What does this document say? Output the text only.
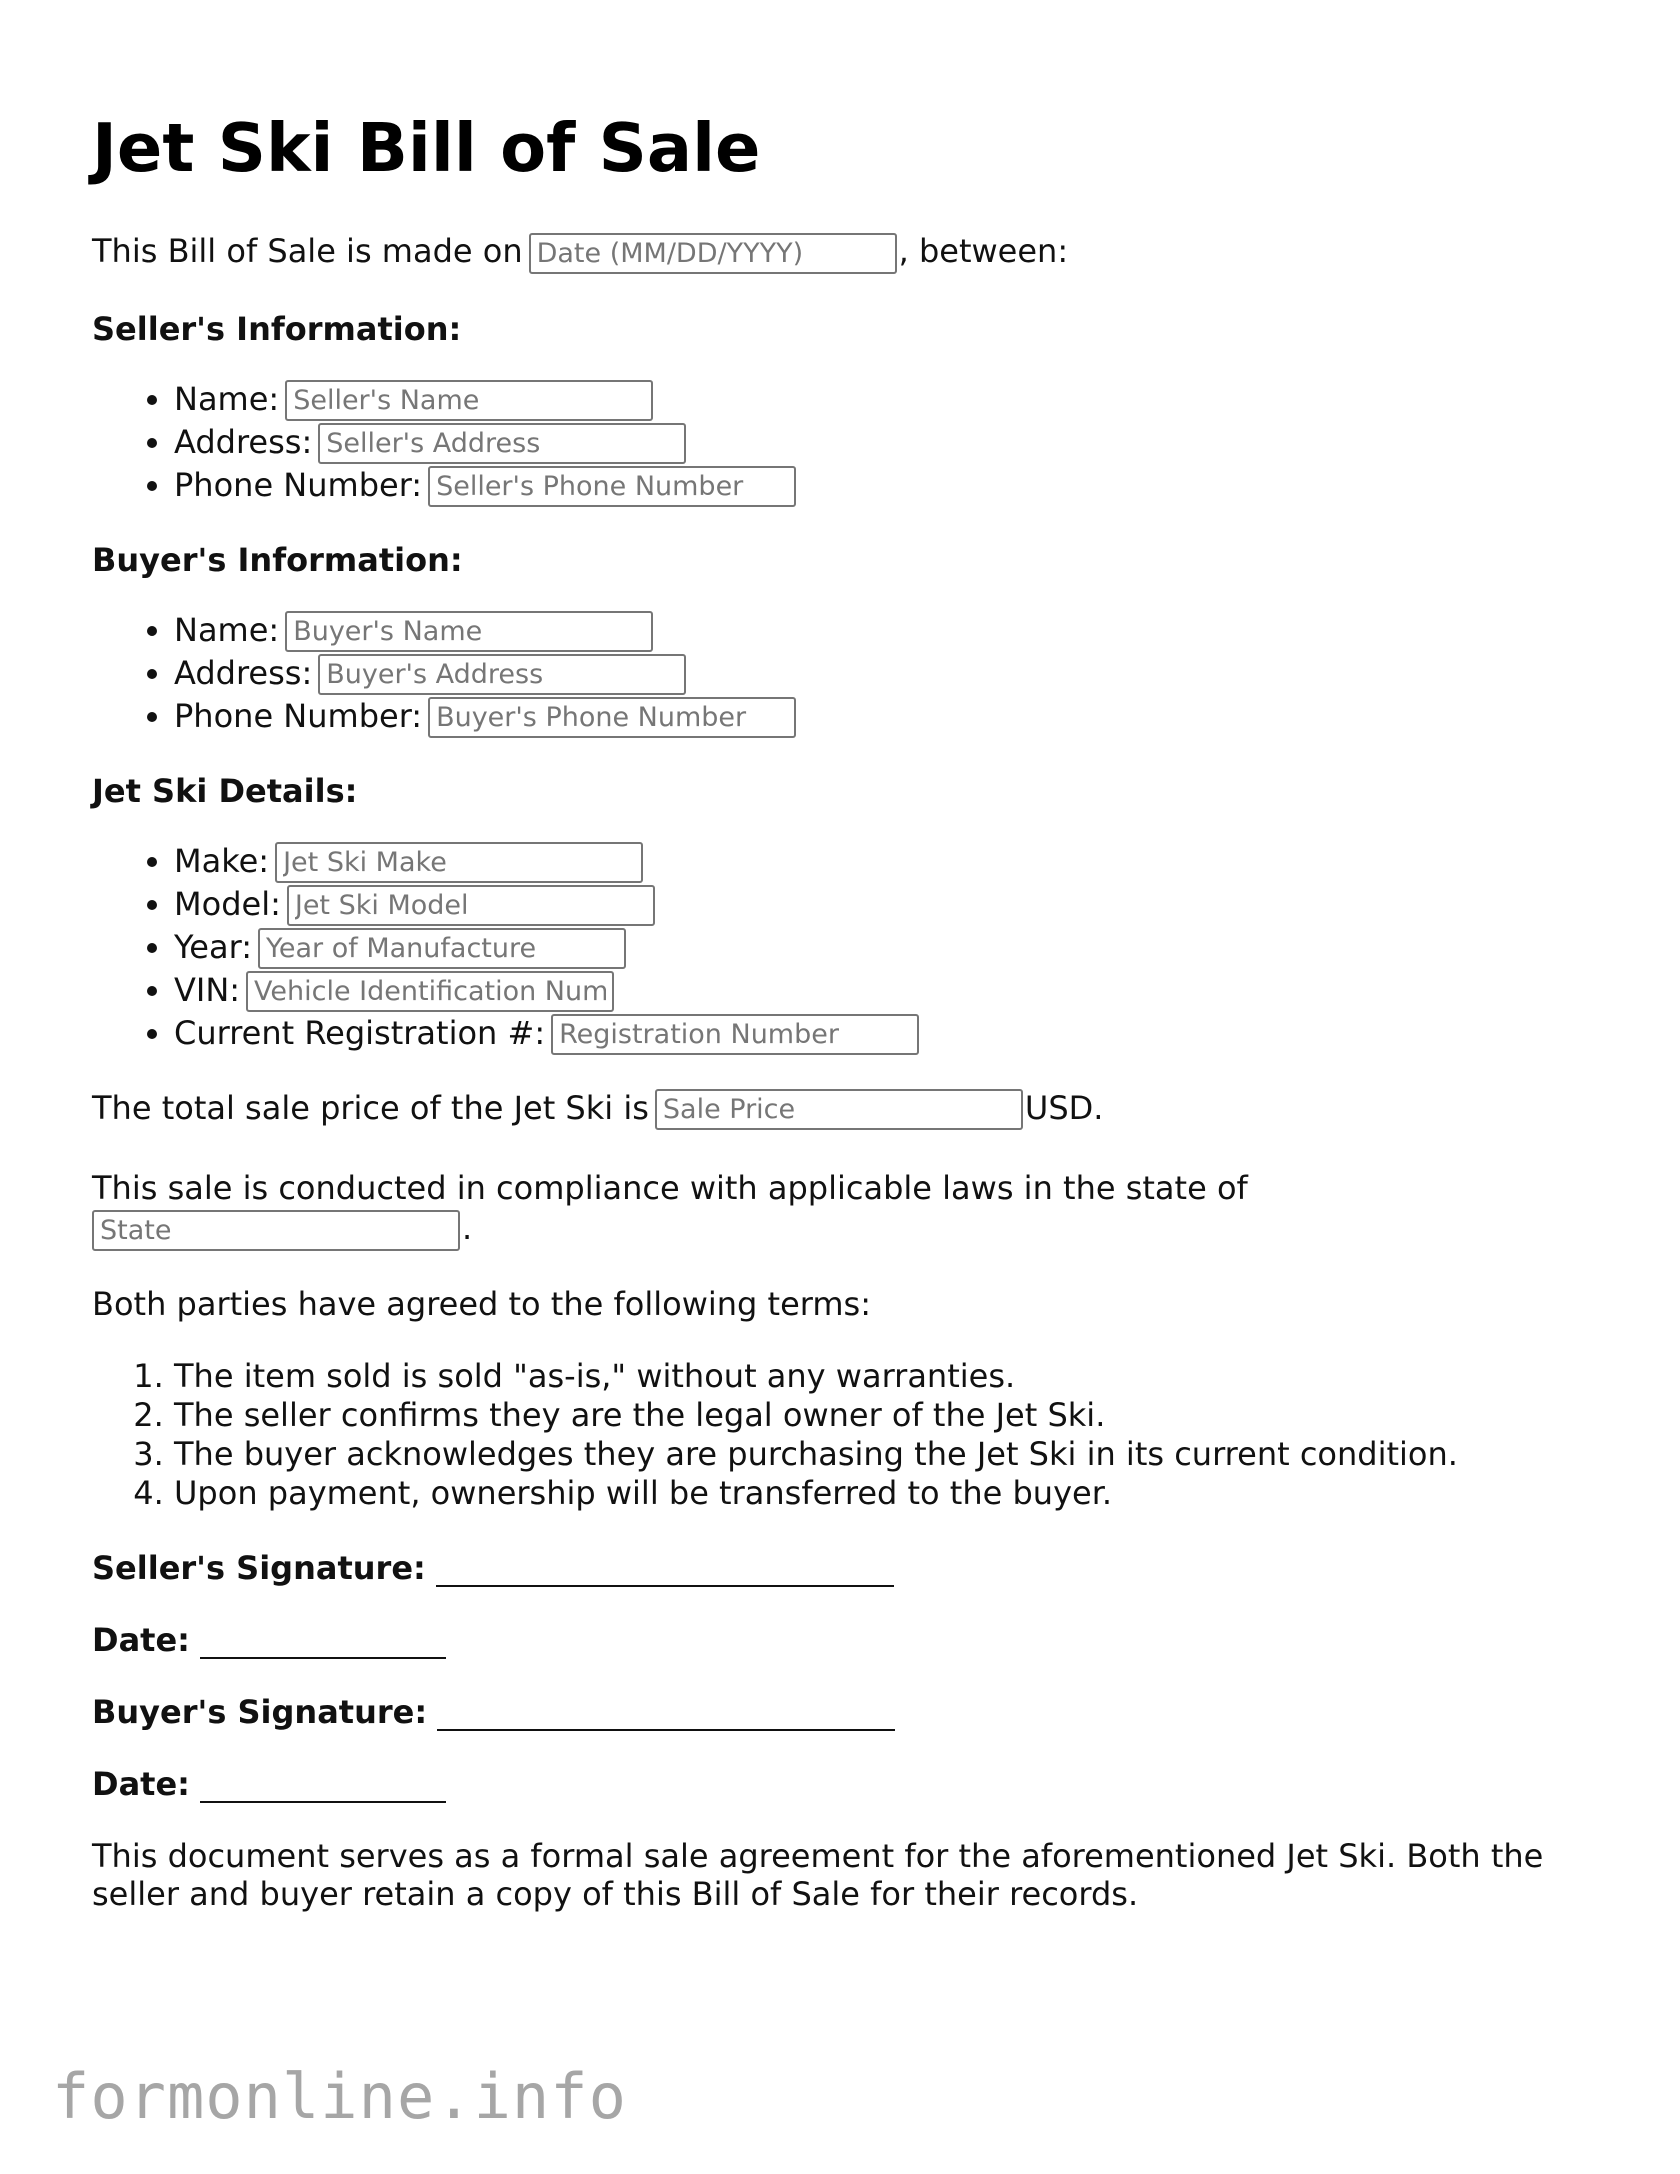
Jet Ski Bill of Sale

This Bill of Sale is made onDate (MM/DD/YYYY)	, between:

Seller's Information:

• Name:Seller's Name
• Address:Seller's Address
• Phone Number:Seller's Phone Number

Buyer's Information:

• Name:Buyer's Name
• Address:Buyer's Address
• Phone Number:Buyer's Phone Number

Jet Ski Details:

• Make:Jet Ski Make
• Model:Jet Ski Model
• Year:Year of Manufacture
• VIN:Vehicle Identification Num
• Current Registration #:Registration Number

The total sale price of the Jet Ski isSale Price	USD.

This sale is conducted in compliance with applicable laws in the state of
State.

Both parties have agreed to the following terms:

1. The item sold is sold "as-is," without any warranties.
2. The seller confirms they are the legal owner of the Jet Ski.
3. The buyer acknowledges they are purchasing the Jet Ski in its current condition.
4. Upon payment, ownership will be transferred to the buyer.

Seller's Signature:

Date:

Buyer's Signature:

Date:

This document serves as a formal sale agreement for the aforementioned Jet Ski. Both the seller and buyer retain a copy of this Bill of Sale for their records.

formonline.info
